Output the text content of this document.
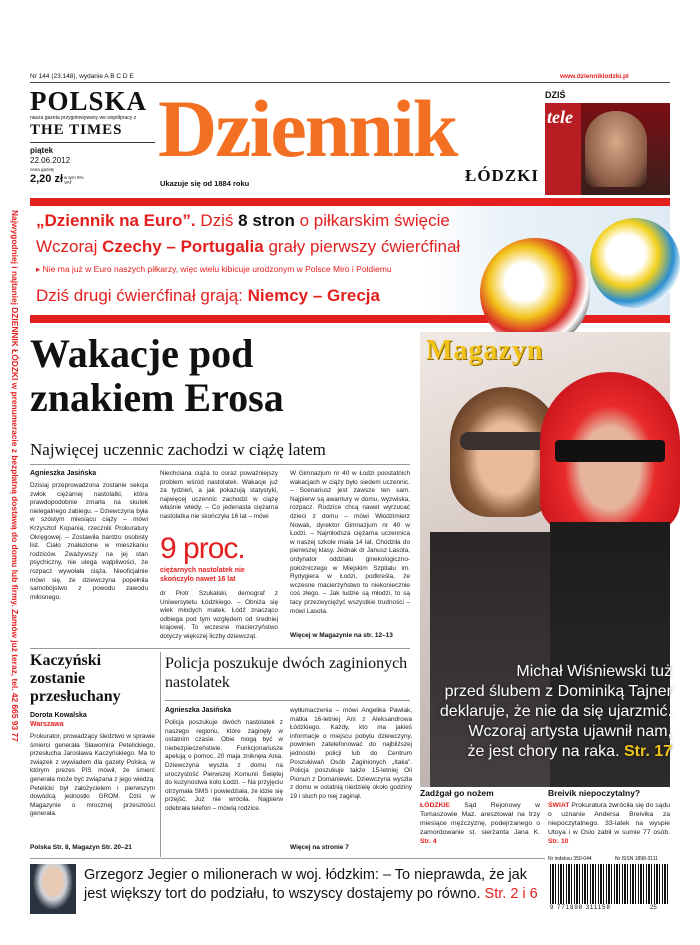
Nr 144 (23.148), wydanie A B C D E	www.dzienniklodzki.pl
POLSKA
nasza gazeta przygotowywany we współpracy z
THE TIMES
piątek
22.06.2012
cena gazety
2,20 zł w tym 5% VAT
Dziennik
Ukazuje się od 1884 roku	ŁÓDZKI
DZIŚ
tele
Najwygodniej i najtaniej DZIENNIK ŁÓDZKI w prenumeracie z bezpłatną dostawą do domu lub firmy. Zamów już teraz, tel. 42 665 93 77 „Dziennik na Euro”. Dziś 8 stron o piłkarskim święcie
Wczoraj Czechy – Portugalia grały pierwszy ćwierćfinał
▸ Nie ma już w Euro naszych piłkarzy, więc wielu kibicuje urodzonym w Polsce Miro i Poldiemu
Dziś drugi ćwierćfinał grają: Niemcy – Grecja
Wakacje pod
znakiem Erosa
Najwięcej uczennic zachodzi w ciążę latem
Agnieszka Jasińska
Dzisiaj przeprowadzona zostanie sekcja zwłok ciężarnej nastolatki, która prawdopodobnie zmarła na skutek nielegalnego zabiegu. – Dziewczyna była w szóstym miesiącu ciąży – mówi Krzysztof Kopania, rzecznik Prokuratury Okręgowej. – Zostawiła bardzo osobisty list. Ciało znalezione w mieszkaniu rodziców. Zważywszy na jej stan psychiczny, nie ulega wątpliwości, że rozpacz wywołała ciąża. Nieoficjalnie mówi się, że dziewczyna popełniła samobójstwo z powodu zawodu miłosnego.
Niechciana ciąża to coraz poważniejszy problem wśród nastolatek. Wakacje już za tydzień, a jak pokazują statystyki, najwięcej uczennic zachodzi w ciążę właśnie wtedy. – Co jedenasta ciężarna nastolatka nie skończyła 16 lat – mówi
9 proc.
ciężarnych nastolatek nie skończyło nawet 16 lat
dr Piotr Szukalski, demograf z Uniwersytetu Łódzkiego. – Obniża się wiek młodych matek. Łódź znacząco odbiega pod tym względem od średniej krajowej. To wczesne macierzyństwo dotyczy większej liczby dziewcząt.
W Gimnazjum nr 40 w Łodzi poostatnich wakacjach w ciąży było siedem uczennic. – Scenariusz jest zawsze ten sam. Najpierw są awantury w domu, wyzwiska, rozpacz. Rodzice chcą nawet wyrzucać dzieci z domu – mówi Włodzimierz Nowak, dyrektor Gimnazjum nr 40 w Łodzi. – Najmłodsza ciężarna uczennica w naszej szkole miała 14 lat. Chodziła do pierwszej klasy. Jednak dr Janusz Lasota, ordynator oddziału ginekologiczno-położniczego w Miejskim Szpitalu im. Rydygiera w Łodzi, podkreśla, że wczesne macierzyństwo to niekoniecznie coś złego. – Jak ludzie są młodzi, to są tacy przezwyciężyć wszystkie trudności – mówi Lasota.
Więcej w Magazynie na str. 12–13
Magazyn
Michał Wiśniewski tuż
przed ślubem z Dominiką Tajner
deklaruje, że nie da się ujarzmić.
Wczoraj artysta ujawnił nam,
że jest chory na raka. Str. 17
Kaczyński zostanie przesłuchany
Dorota Kowalska
Warszawa
Prokurator, prowadzący śledztwo w sprawie śmierci generała Sławomira Petelickiego, przesłucha Jarosława Kaczyńskiego. Ma to związek z wywiadem dla gazety Polska, w którym prezes PiS mówił, że śmierć generała może być związana z jego wiedzą. Petelicki był założycielem i pierwszym dowódcą jednostki GROM. Dziś w Magazynie o mrocznej przeszłości generała.
Polska Str. 8, Magazyn Str. 20–21
Policja poszukuje dwóch zaginionych nastolatek
Agnieszka Jasińska
Policja poszukuje dwóch nastolatek z naszego regionu, które zaginęły w ostatnim czasie. Obie mogą być w niebezpieczeństwie. Funkcjonariusze apelują o pomoc. 20 maja zniknęła Ania. Dziewczyna wyszła z domu na uroczystość Pierwszej Komunii Świętej do kuzynostwa koło Łodzi. – Na przyjęciu otrzymała SMS i powiedziała, że idzie się przejść. Już nie wróciła. Najpierw odebrała telefon – mówią rodzice.
wytłumaczenia – mówi Angelika Pawlak, matka 16-letniej Ani z Aleksandrowa Łódzkiego. Każdy, kto ma jakieś informacje o miejscu pobytu dziewczyny, powinien zatelefonować do najbliższej jednostki policji lub do Centrum Poszukiwań Osób Zaginionych „Itaka”. Policja poszukuje także 15-letniej Oli Pionun z Domaniewic. Dziewczyna wyszła z domu w ostatnią niedzielę około godziny 19 i słuch po niej zaginął.
Więcej na stronie 7
Zadźgał go nożem
ŁÓDZKIE Sąd Rejonowy w Tomaszowie Maz. aresztował na trzy miesiące mężczyznę, podejrzanego o zamordowanie st. sierżanta Jana K. Str. 4
Breivik niepoczytalny?
ŚWIAT Prokuratura zwróciła się do sądu o uznanie Andersa Breivika za niepoczytalnego. 33-latek na wyspie Utoya i w Oslo zabił w sumie 77 osób. Str. 10
Nr indeksu 350-044	Nr ISSN 1898-3111
9 771898 311158	25
Grzegorz Jegier o milionerach w woj. łódzkim: – To nieprawda, że jak
jest większy tort do podziału, to wszyscy dostajemy po równo. Str. 2 i 6
